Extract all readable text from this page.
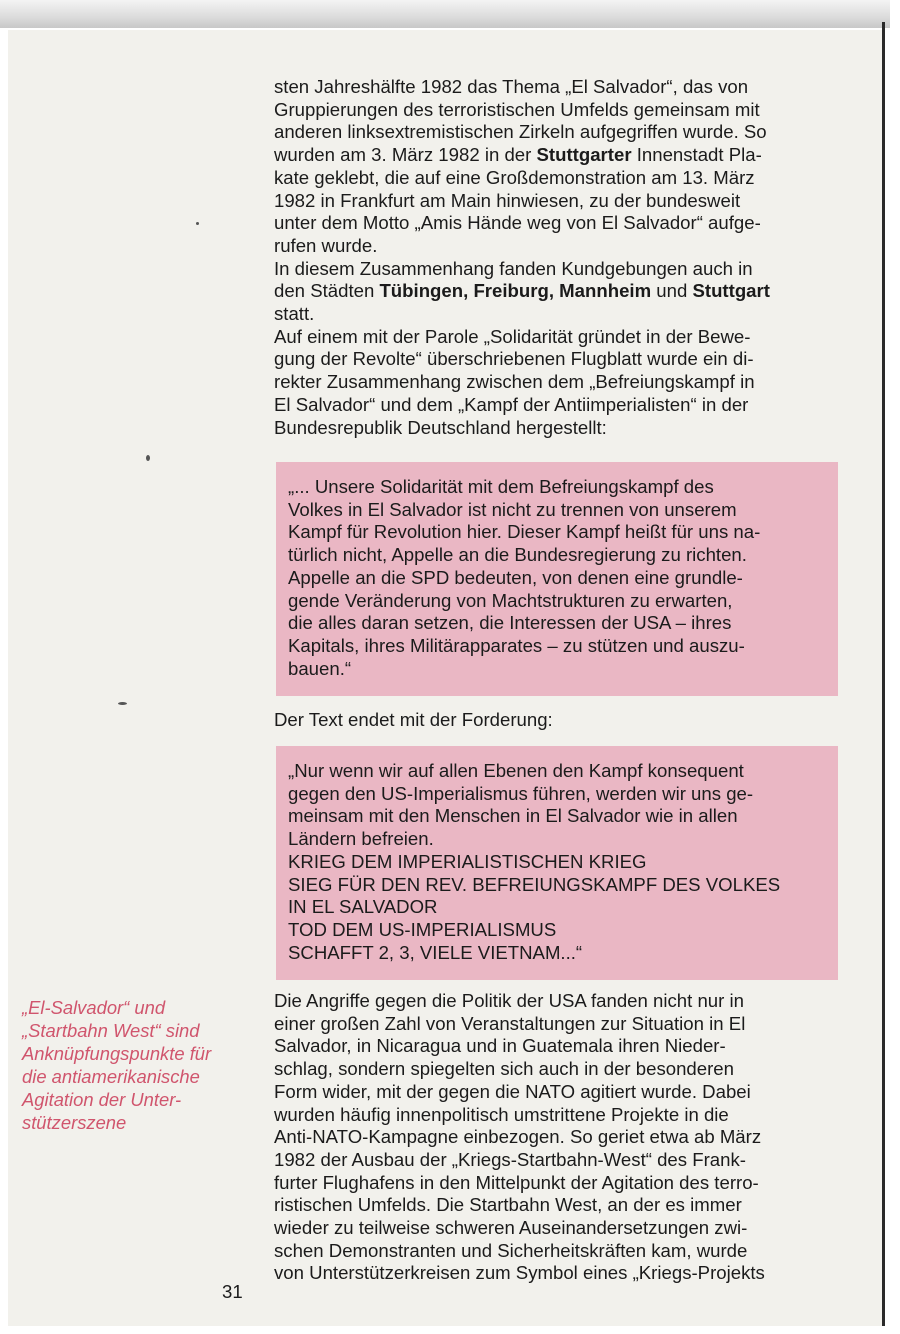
sten Jahreshälfte 1982 das Thema „El Salvador“, das von
Gruppierungen des terroristischen Umfelds gemeinsam mit
anderen linksextremistischen Zirkeln aufgegriffen wurde. So
wurden am 3. März 1982 in der Stuttgarter Innenstadt Pla-
kate geklebt, die auf eine Großdemonstration am 13. März
1982 in Frankfurt am Main hinwiesen, zu der bundesweit
unter dem Motto „Amis Hände weg von El Salvador“ aufge-
rufen wurde.
In diesem Zusammenhang fanden Kundgebungen auch in
den Städten Tübingen, Freiburg, Mannheim und Stuttgart
statt.
Auf einem mit der Parole „Solidarität gründet in der Bewe-
gung der Revolte“ überschriebenen Flugblatt wurde ein di-
rekter Zusammenhang zwischen dem „Befreiungskampf in
El Salvador“ und dem „Kampf der Antiimperialisten“ in der
Bundesrepublik Deutschland hergestellt:

„... Unsere Solidarität mit dem Befreiungskampf des

Volkes in El Salvador ist nicht zu trennen von unserem

Kampf für Revolution hier. Dieser Kampf heißt für uns na-

türlich nicht, Appelle an die Bundesregierung zu richten.

Appelle an die SPD bedeuten, von denen eine grundle-

gende Veränderung von Machtstrukturen zu erwarten,

die alles daran setzen, die Interessen der USA – ihres

Kapitals, ihres Militärapparates – zu stützen und auszu-

bauen.“

Der Text endet mit der Forderung:

„Nur wenn wir auf allen Ebenen den Kampf konsequent

gegen den US-Imperialismus führen, werden wir uns ge-

meinsam mit den Menschen in El Salvador wie in allen

Ländern befreien.

KRIEG DEM IMPERIALISTISCHEN KRIEG

SIEG FÜR DEN REV. BEFREIUNGSKAMPF DES VOLKES

IN EL SALVADOR

TOD DEM US-IMPERIALISMUS

SCHAFFT 2, 3, VIELE VIETNAM...“

Die Angriffe gegen die Politik der USA fanden nicht nur in
einer großen Zahl von Veranstaltungen zur Situation in El
Salvador, in Nicaragua und in Guatemala ihren Nieder-
schlag, sondern spiegelten sich auch in der besonderen
Form wider, mit der gegen die NATO agitiert wurde. Dabei
wurden häufig innenpolitisch umstrittene Projekte in die
Anti-NATO-Kampagne einbezogen. So geriet etwa ab März
1982 der Ausbau der „Kriegs-Startbahn-West“ des Frank-
furter Flughafens in den Mittelpunkt der Agitation des terro-
ristischen Umfelds. Die Startbahn West, an der es immer
wieder zu teilweise schweren Auseinandersetzungen zwi-
schen Demonstranten und Sicherheitskräften kam, wurde
von Unterstützerkreisen zum Symbol eines „Kriegs-Projekts
„El-Salvador“ und
„Startbahn West“ sind
Anknüpfungspunkte für
die antiamerikanische
Agitation der Unter-
stützerszene
31
